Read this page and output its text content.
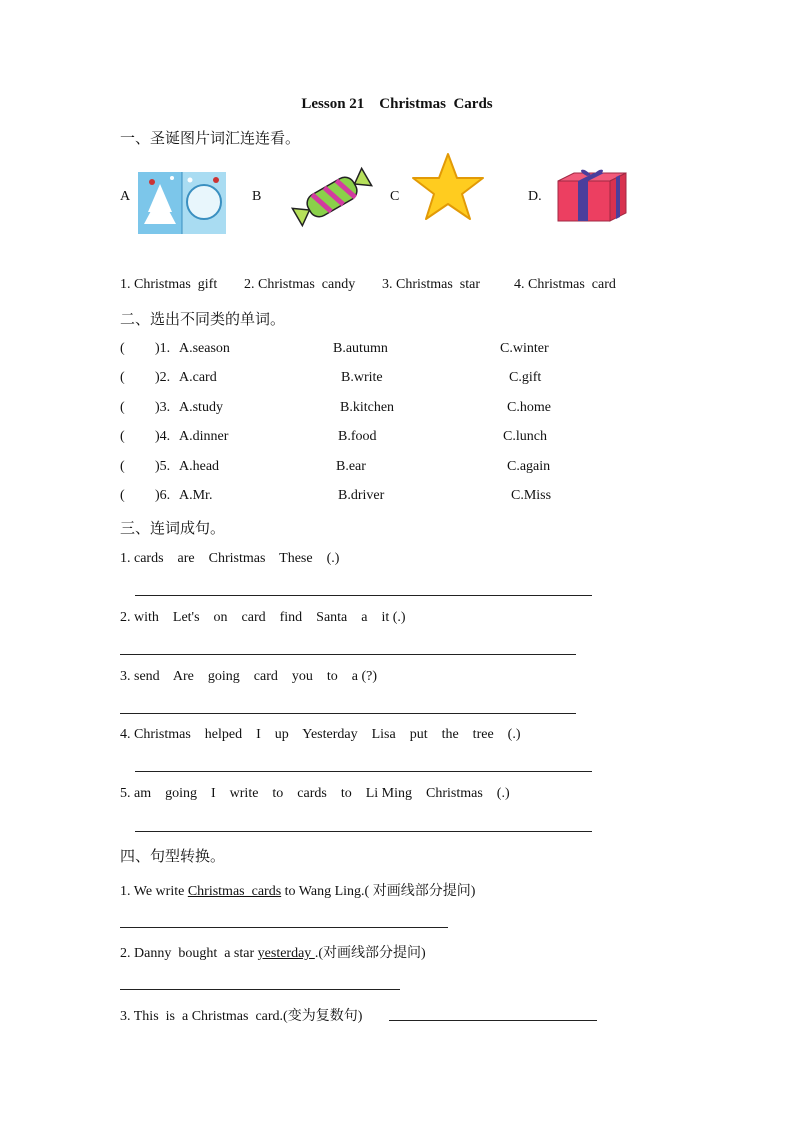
Lesson 21    Christmas  Cards
一、圣诞图片词汇连连看。
A	B	C	D.
1. Christmas  gift 2. Christmas  candy 3. Christmas  star 4. Christmas  card
二、选出不同类的单词。
( )1. A.season	B.autumn	C.winter
( )2. A.card	B.write	C.gift
( )3. A.study	B.kitchen	C.home
( )4. A.dinner	B.food	C.lunch
( )5. A.head	B.ear	C.again
( )6. A.Mr.	B.driver	C.Miss
三、连词成句。
1. cards    are    Christmas    These    (.)
2. with    Let's    on    card    find    Santa    a    it (.)
3. send    Are    going    card    you    to    a (?)
4. Christmas    helped    I    up    Yesterday    Lisa    put    the    tree    (.)
5. am    going    I    write    to    cards    to    Li Ming    Christmas    (.)
四、句型转换。
1. We write Christmas  cards to Wang Ling.( 对画线部分提问)
2. Danny  bought  a star yesterday .(对画线部分提问)
3. This  is  a Christmas  card.(变为复数句)
